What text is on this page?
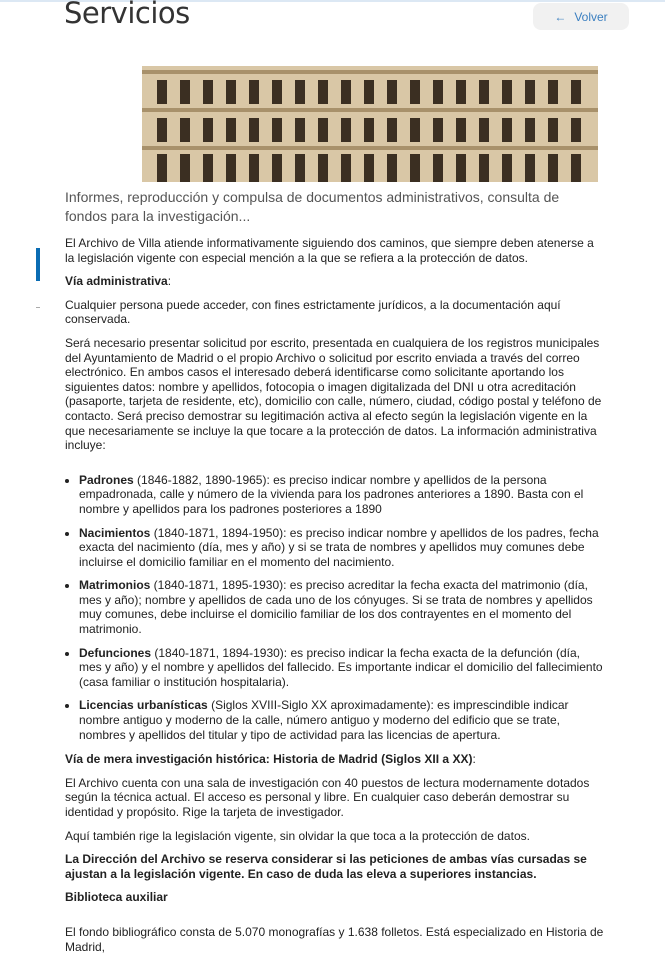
Servicios	← Volver

Informes, reproducción y compulsa de documentos administrativos, consulta de fondos para la investigación...

El Archivo de Villa atiende informativamente siguiendo dos caminos, que siempre deben atenerse a la legislación vigente con especial mención a la que se refiera a la protección de datos.

Vía administrativa:

Cualquier persona puede acceder, con fines estrictamente jurídicos, a la documentación aquí conservada.

Será necesario presentar solicitud por escrito, presentada en cualquiera de los registros municipales del Ayuntamiento de Madrid o el propio Archivo o solicitud por escrito enviada a través del correo electrónico. En ambos casos el interesado deberá identificarse como solicitante aportando los siguientes datos: nombre y apellidos, fotocopia o imagen digitalizada del DNI u otra acreditación (pasaporte, tarjeta de residente, etc), domicilio con calle, número, ciudad, código postal y teléfono de contacto. Será preciso demostrar su legitimación activa al efecto según la legislación vigente en la que necesariamente se incluye la que tocare a la protección de datos. La información administrativa incluye:

• Padrones (1846-1882, 1890-1965): es preciso indicar nombre y apellidos de la persona empadronada, calle y número de la vivienda para los padrones anteriores a 1890. Basta con el nombre y apellidos para los padrones posteriores a 1890
• Nacimientos (1840-1871, 1894-1950): es preciso indicar nombre y apellidos de los padres, fecha exacta del nacimiento (día, mes y año) y si se trata de nombres y apellidos muy comunes debe incluirse el domicilio familiar en el momento del nacimiento.
• Matrimonios (1840-1871, 1895-1930): es preciso acreditar la fecha exacta del matrimonio (día, mes y año); nombre y apellidos de cada uno de los cónyuges. Si se trata de nombres y apellidos muy comunes, debe incluirse el domicilio familiar de los dos contrayentes en el momento del matrimonio.
• Defunciones (1840-1871, 1894-1930): es preciso indicar la fecha exacta de la defunción (día, mes y año) y el nombre y apellidos del fallecido. Es importante indicar el domicilio del fallecimiento (casa familiar o institución hospitalaria).
• Licencias urbanísticas (Siglos XVIII-Siglo XX aproximadamente): es imprescindible indicar nombre antiguo y moderno de la calle, número antiguo y moderno del edificio que se trate, nombres y apellidos del titular y tipo de actividad para las licencias de apertura.

Vía de mera investigación histórica: Historia de Madrid (Siglos XII a XX):

El Archivo cuenta con una sala de investigación con 40 puestos de lectura modernamente dotados según la técnica actual. El acceso es personal y libre. En cualquier caso deberán demostrar su identidad y propósito. Rige la tarjeta de investigador.

Aquí también rige la legislación vigente, sin olvidar la que toca a la protección de datos.

La Dirección del Archivo se reserva considerar si las peticiones de ambas vías cursadas se ajustan a la legislación vigente. En caso de duda las eleva a superiores instancias.

Biblioteca auxiliar

El fondo bibliográfico consta de 5.070 monografías y 1.638 folletos. Está especializado en Historia de Madrid,
